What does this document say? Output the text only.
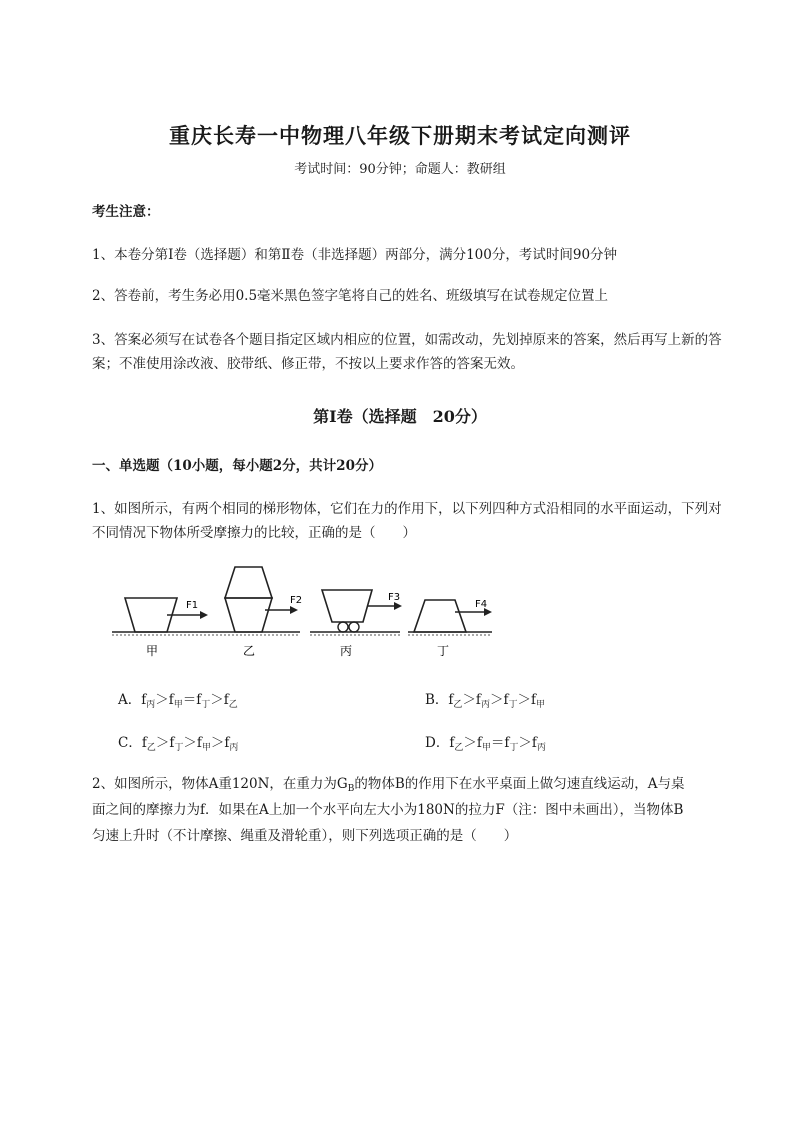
重庆长寿一中物理八年级下册期末考试定向测评
考试时间：90分钟；命题人：教研组
考生注意：
1、本卷分第I卷（选择题）和第Ⅱ卷（非选择题）两部分，满分100分，考试时间90分钟
2、答卷前，考生务必用0.5毫米黑色签字笔将自己的姓名、班级填写在试卷规定位置上
3、答案必须写在试卷各个题目指定区域内相应的位置，如需改动，先划掉原来的答案，然后再写上新的答案；不准使用涂改液、胶带纸、修正带，不按以上要求作答的答案无效。
第I卷（选择题　20分）
一、单选题（10小题，每小题2分，共计20分）
1、如图所示，有两个相同的梯形物体，它们在力的作用下，以下列四种方式沿相同的水平面运动，下列对不同情况下物体所受摩擦力的比较，正确的是（　　）
F1
甲
F2
乙
F3
丙
F4
丁
A．$f_丙>f_甲=f_丁>f_乙$	B．$f_乙>f_丙>f_丁>f_甲$
C．$f_乙>f_丁>f_甲>f_丙$	D．$f_乙>f_甲=f_丁>f_丙$
2、如图所示，物体A重120N，在重力为$G_B$的物体B的作用下在水平桌面上做匀速直线运动，A与桌
面之间的摩擦力为f．如果在A上加一个水平向左大小为180N的拉力F（注：图中未画出），当物体B
匀速上升时（不计摩擦、绳重及滑轮重），则下列选项正确的是（　　）
